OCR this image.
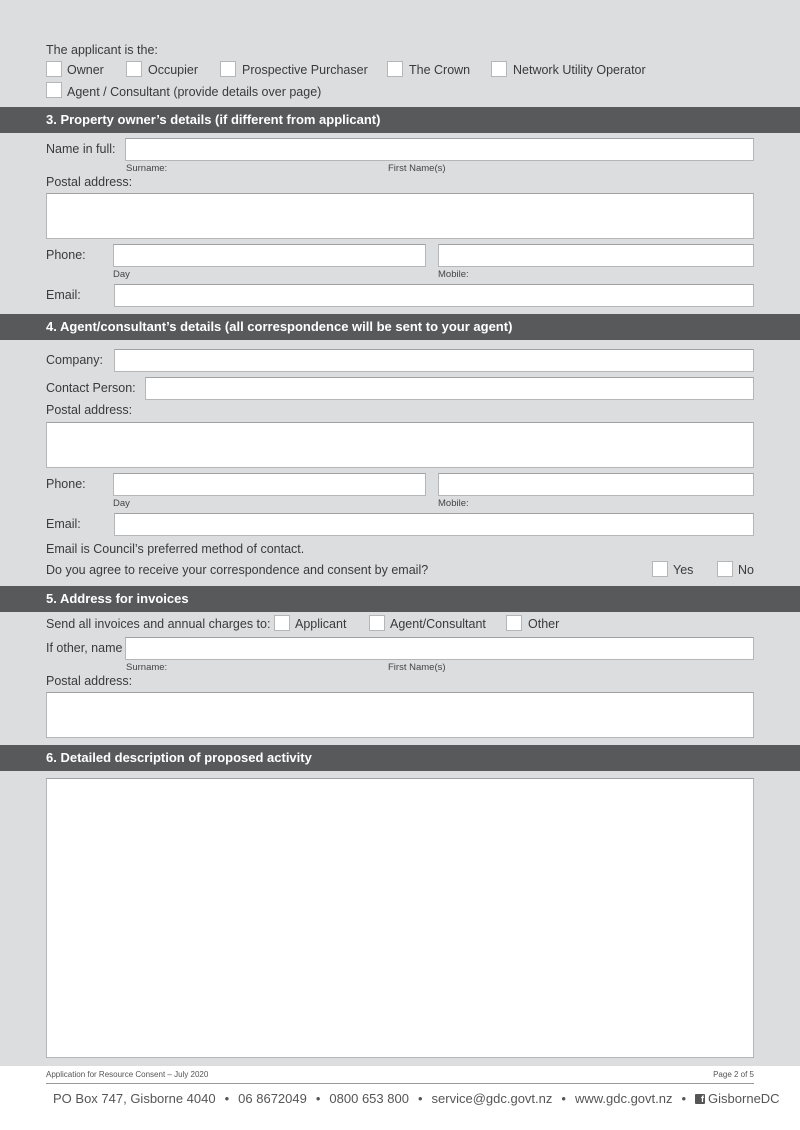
The applicant is the:
Owner	Occupier	Prospective Purchaser	The Crown	Network Utility Operator
Agent / Consultant (provide details over page)
3. Property owner’s details (if different from applicant)
Name in full:
Surname:	First Name(s)
Postal address:
Phone:
Day	Mobile:
Email:
4. Agent/consultant’s details (all correspondence will be sent to your agent)
Company:
Contact Person:
Postal address:
Phone:
Day	Mobile:
Email:
Email is Council’s preferred method of contact.
Do you agree to receive your correspondence and consent by email?	Yes	No
5. Address for invoices
Send all invoices and annual charges to: Applicant	Agent/Consultant	Other
If other, name
Surname:	First Name(s)
Postal address:
6. Detailed description of proposed activity
Application for Resource Consent – July 2020	Page 2 of 5
PO Box 747, Gisborne 4040 • 06 8672049 • 0800 653 800 • service@gdc.govt.nz • www.gdc.govt.nz •	f GisborneDC
